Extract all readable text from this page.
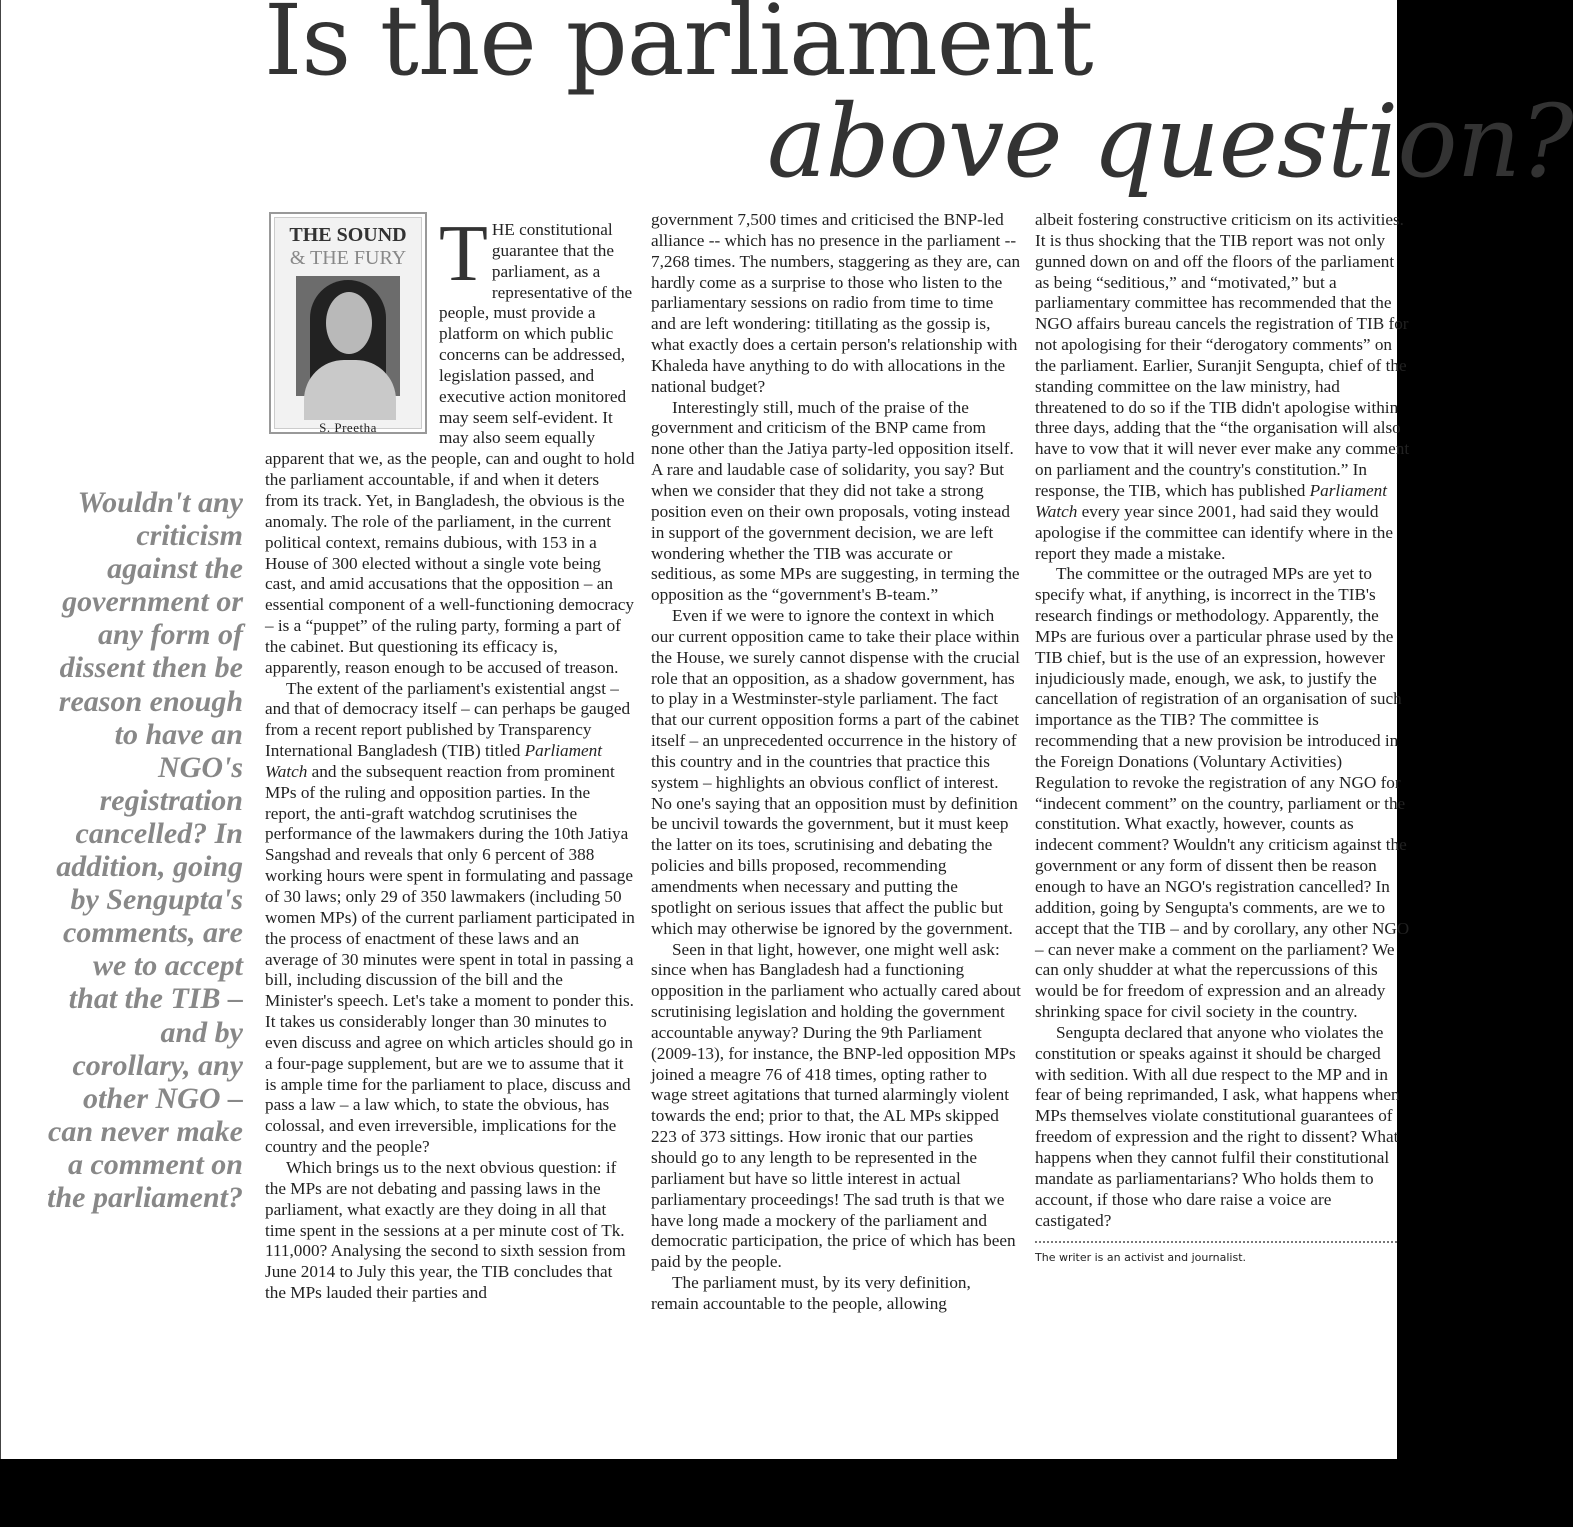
Is the parliament
above question?
Wouldn't any criticism against the government or any form of dissent then be reason enough to have an NGO's registration cancelled? In addition, going by Sengupta's comments, are we to accept that the TIB – and by corollary, any other NGO – can never make a comment on the parliament?
THE SOUND
& THE FURY
S. Preetha

THE constitutional guarantee that the parliament, as a representative of the people, must provide a platform on which public concerns can be addressed, legislation passed, and executive action monitored may seem self-evident. It may also seem equally apparent that we, as the people, can and ought to hold the parliament accountable, if and when it deters from its track. Yet, in Bangladesh, the obvious is the anomaly. The role of the parliament, in the current political context, remains dubious, with 153 in a House of 300 elected without a single vote being cast, and amid accusations that the opposition – an essential component of a well-functioning democracy – is a “puppet” of the ruling party, forming a part of the cabinet. But questioning its efficacy is, apparently, reason enough to be accused of treason.

The extent of the parliament's existential angst – and that of democracy itself – can perhaps be gauged from a recent report published by Transparency International Bangladesh (TIB) titled Parliament Watch and the subsequent reaction from prominent MPs of the ruling and opposition parties. In the report, the anti-graft watchdog scrutinises the performance of the lawmakers during the 10th Jatiya Sangshad and reveals that only 6 percent of 388 working hours were spent in formulating and passage of 30 laws; only 29 of 350 lawmakers (including 50 women MPs) of the current parliament participated in the process of enactment of these laws and an average of 30 minutes were spent in total in passing a bill, including discussion of the bill and the Minister's speech. Let's take a moment to ponder this. It takes us considerably longer than 30 minutes to even discuss and agree on which articles should go in a four-page supplement, but are we to assume that it is ample time for the parliament to place, discuss and pass a law – a law which, to state the obvious, has colossal, and even irreversible, implications for the country and the people?

Which brings us to the next obvious question: if the MPs are not debating and passing laws in the parliament, what exactly are they doing in all that time spent in the sessions at a per minute cost of Tk. 111,000? Analysing the second to sixth session from June 2014 to July this year, the TIB concludes that the MPs lauded their parties and

government 7,500 times and criticised the BNP-led alliance -- which has no presence in the parliament -- 7,268 times. The numbers, staggering as they are, can hardly come as a surprise to those who listen to the parliamentary sessions on radio from time to time and are left wondering: titillating as the gossip is, what exactly does a certain person's relationship with Khaleda have anything to do with allocations in the national budget?

Interestingly still, much of the praise of the government and criticism of the BNP came from none other than the Jatiya party-led opposition itself. A rare and laudable case of solidarity, you say? But when we consider that they did not take a strong position even on their own proposals, voting instead in support of the government decision, we are left wondering whether the TIB was accurate or seditious, as some MPs are suggesting, in terming the opposition as the “government's B-team.”

Even if we were to ignore the context in which our current opposition came to take their place within the House, we surely cannot dispense with the crucial role that an opposition, as a shadow government, has to play in a Westminster-style parliament. The fact that our current opposition forms a part of the cabinet itself – an unprecedented occurrence in the history of this country and in the countries that practice this system – highlights an obvious conflict of interest. No one's saying that an opposition must by definition be uncivil towards the government, but it must keep the latter on its toes, scrutinising and debating the policies and bills proposed, recommending amendments when necessary and putting the spotlight on serious issues that affect the public but which may otherwise be ignored by the government.

Seen in that light, however, one might well ask: since when has Bangladesh had a functioning opposition in the parliament who actually cared about scrutinising legislation and holding the government accountable anyway? During the 9th Parliament (2009-13), for instance, the BNP-led opposition MPs joined a meagre 76 of 418 times, opting rather to wage street agitations that turned alarmingly violent towards the end; prior to that, the AL MPs skipped 223 of 373 sittings. How ironic that our parties should go to any length to be represented in the parliament but have so little interest in actual parliamentary proceedings! The sad truth is that we have long made a mockery of the parliament and democratic participation, the price of which has been paid by the people.

The parliament must, by its very definition, remain accountable to the people, allowing

albeit fostering constructive criticism on its activities. It is thus shocking that the TIB report was not only gunned down on and off the floors of the parliament as being “seditious,” and “motivated,” but a parliamentary committee has recommended that the NGO affairs bureau cancels the registration of TIB for not apologising for their “derogatory comments” on the parliament. Earlier, Suranjit Sengupta, chief of the standing committee on the law ministry, had threatened to do so if the TIB didn't apologise within three days, adding that the “the organisation will also have to vow that it will never ever make any comment on parliament and the country's constitution.” In response, the TIB, which has published Parliament Watch every year since 2001, had said they would apologise if the committee can identify where in the report they made a mistake.

The committee or the outraged MPs are yet to specify what, if anything, is incorrect in the TIB's research findings or methodology. Apparently, the MPs are furious over a particular phrase used by the TIB chief, but is the use of an expression, however injudiciously made, enough, we ask, to justify the cancellation of registration of an organisation of such importance as the TIB? The committee is recommending that a new provision be introduced in the Foreign Donations (Voluntary Activities) Regulation to revoke the registration of any NGO for “indecent comment” on the country, parliament or the constitution. What exactly, however, counts as indecent comment? Wouldn't any criticism against the government or any form of dissent then be reason enough to have an NGO's registration cancelled? In addition, going by Sengupta's comments, are we to accept that the TIB – and by corollary, any other NGO – can never make a comment on the parliament? We can only shudder at what the repercussions of this would be for freedom of expression and an already shrinking space for civil society in the country.

Sengupta declared that anyone who violates the constitution or speaks against it should be charged with sedition. With all due respect to the MP and in fear of being reprimanded, I ask, what happens when MPs themselves violate constitutional guarantees of freedom of expression and the right to dissent? What happens when they cannot fulfil their constitutional mandate as parliamentarians? Who holds them to account, if those who dare raise a voice are castigated?

The writer is an activist and journalist.
